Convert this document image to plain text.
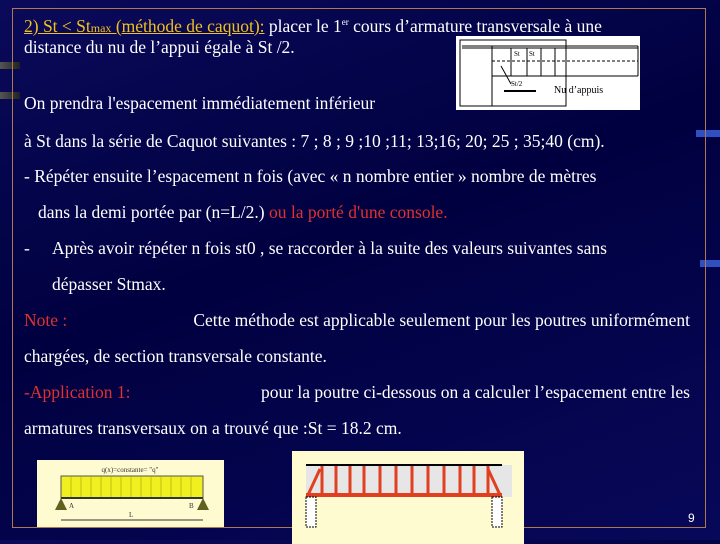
2) St < Stmax (méthode de caquot): placer le 1er cours d’armature transversale à une
distance du nu de l’appui égale à St /2.	St St
St/2
Nu d’appuis
On prendra l'espacement immédiatement inférieur
à St dans la série de Caquot suivantes : 7 ; 8 ; 9 ;10 ;11; 13;16; 20; 25 ; 35;40 (cm).
- Répéter ensuite l’espacement n fois (avec « n nombre entier » nombre de mètres
dans la demi portée par (n=L/2.) ou la porté d'une console.
- Après avoir répéter n fois st0 , se raccorder à la suite des valeurs suivantes sans
dépasser Stmax.
Note :	Cette méthode est applicable seulement pour les poutres uniformément
chargées, de section transversale constante.
-Application 1:	pour la poutre ci-dessous on a calculer l’espacement entre les
armatures transversaux on a trouvé que :St = 18.2 cm.
q(x)=constante= "q"
A	B
L	9
